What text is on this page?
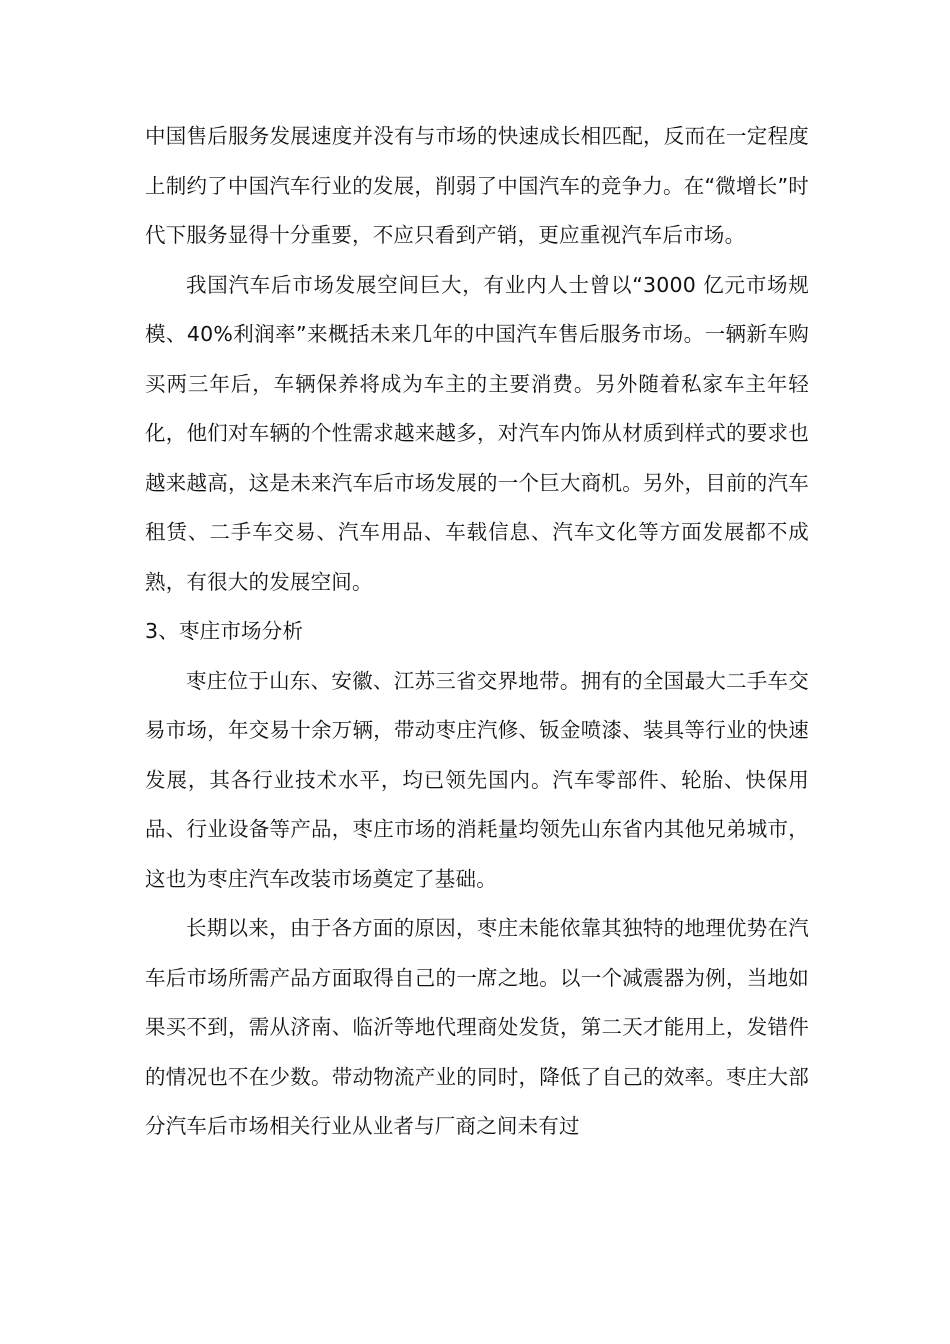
中国售后服务发展速度并没有与市场的快速成长相匹配，反而在一定程度上制约了中国汽车行业的发展，削弱了中国汽车的竞争力。在“微增长”时代下服务显得十分重要，不应只看到产销，更应重视汽车后市场。

我国汽车后市场发展空间巨大，有业内人士曾以“3000 亿元市场规模、40%利润率”来概括未来几年的中国汽车售后服务市场。一辆新车购买两三年后，车辆保养将成为车主的主要消费。另外随着私家车主年轻化，他们对车辆的个性需求越来越多，对汽车内饰从材质到样式的要求也越来越高，这是未来汽车后市场发展的一个巨大商机。另外，目前的汽车租赁、二手车交易、汽车用品、车载信息、汽车文化等方面发展都不成熟，有很大的发展空间。

3、枣庄市场分析

枣庄位于山东、安徽、江苏三省交界地带。拥有的全国最大二手车交易市场，年交易十余万辆，带动枣庄汽修、钣金喷漆、装具等行业的快速发展，其各行业技术水平，均已领先国内。汽车零部件、轮胎、快保用品、行业设备等产品，枣庄市场的消耗量均领先山东省内其他兄弟城市，这也为枣庄汽车改装市场奠定了基础。

长期以来，由于各方面的原因，枣庄未能依靠其独特的地理优势在汽车后市场所需产品方面取得自己的一席之地。以一个减震器为例，当地如果买不到，需从济南、临沂等地代理商处发货，第二天才能用上，发错件的情况也不在少数。带动物流产业的同时，降低了自己的效率。枣庄大部分汽车后市场相关行业从业者与厂商之间未有过
